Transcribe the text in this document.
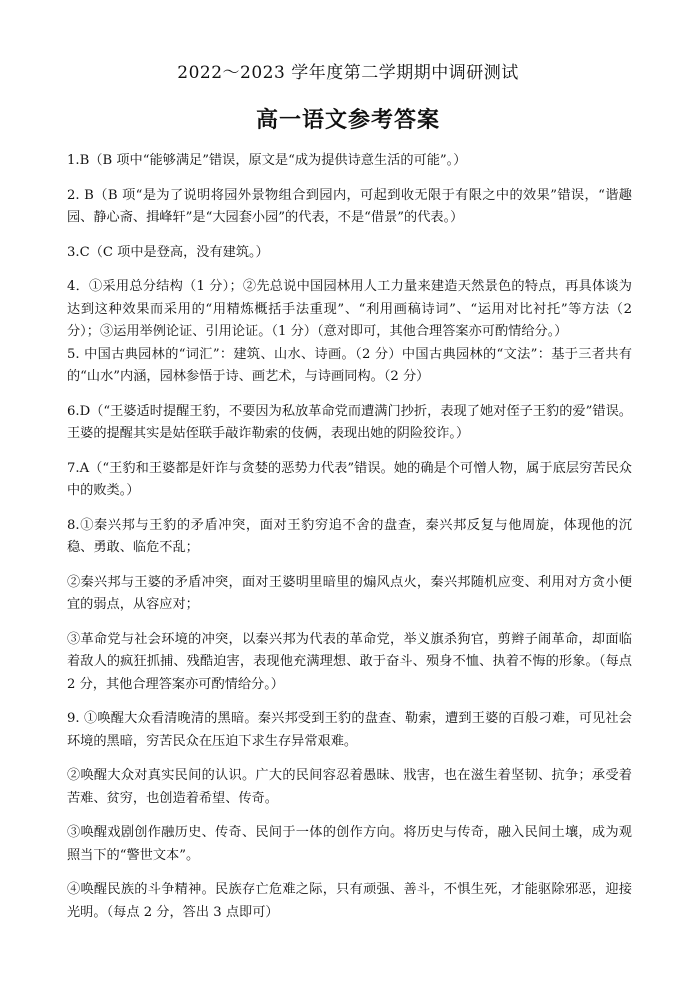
2022～2023 学年度第二学期期中调研测试
高一语文参考答案

1.B（B 项中“能够满足”错误，原文是“成为提供诗意生活的可能”。）

2. B（B 项“是为了说明将园外景物组合到园内，可起到收无限于有限之中的效果”错误，“谐趣园、静心斋、揖峰轩”是“大园套小园”的代表，不是“借景”的代表。）

3.C（C 项中是登高，没有建筑。）

4．①采用总分结构（1 分）；②先总说中国园林用人工力量来建造天然景色的特点，再具体谈为达到这种效果而采用的“用精炼概括手法重现”、“利用画稿诗词”、“运用对比衬托”等方法（2 分）；③运用举例论证、引用论证。（1 分）（意对即可，其他合理答案亦可酌情给分。）

5. 中国古典园林的“词汇”：建筑、山水、诗画。（2 分）中国古典园林的“文法”：基于三者共有的“山水”内涵，园林参悟于诗、画艺术，与诗画同构。（2 分）

6.D（“王婆适时提醒王豹，不要因为私放革命党而遭满门抄折，表现了她对侄子王豹的爱”错误。王婆的提醒其实是姑侄联手敲诈勒索的伎俩，表现出她的阴险狡诈。）

7.A（“王豹和王婆都是奸诈与贪婪的恶势力代表”错误。她的确是个可憎人物，属于底层穷苦民众中的败类。）

8.①秦兴邦与王豹的矛盾冲突，面对王豹穷追不舍的盘查，秦兴邦反复与他周旋，体现他的沉稳、勇敢、临危不乱；

②秦兴邦与王婆的矛盾冲突，面对王婆明里暗里的煽风点火，秦兴邦随机应变、利用对方贪小便宜的弱点，从容应对；

③革命党与社会环境的冲突，以秦兴邦为代表的革命党，举义旗杀狗官，剪辫子闹革命，却面临着敌人的疯狂抓捕、残酷迫害，表现他充满理想、敢于奋斗、殒身不恤、执着不悔的形象。（每点 2 分，其他合理答案亦可酌情给分。）

9. ①唤醒大众看清晚清的黑暗。秦兴邦受到王豹的盘查、勒索，遭到王婆的百般刁难，可见社会环境的黑暗，穷苦民众在压迫下求生存异常艰难。

②唤醒大众对真实民间的认识。广大的民间容忍着愚昧、戕害，也在滋生着坚韧、抗争；承受着苦难、贫穷，也创造着希望、传奇。

③唤醒戏剧创作融历史、传奇、民间于一体的创作方向。将历史与传奇，融入民间土壤，成为观照当下的“警世文本”。

④唤醒民族的斗争精神。民族存亡危难之际，只有顽强、善斗，不惧生死，才能驱除邪恶，迎接光明。（每点 2 分，答出 3 点即可）
